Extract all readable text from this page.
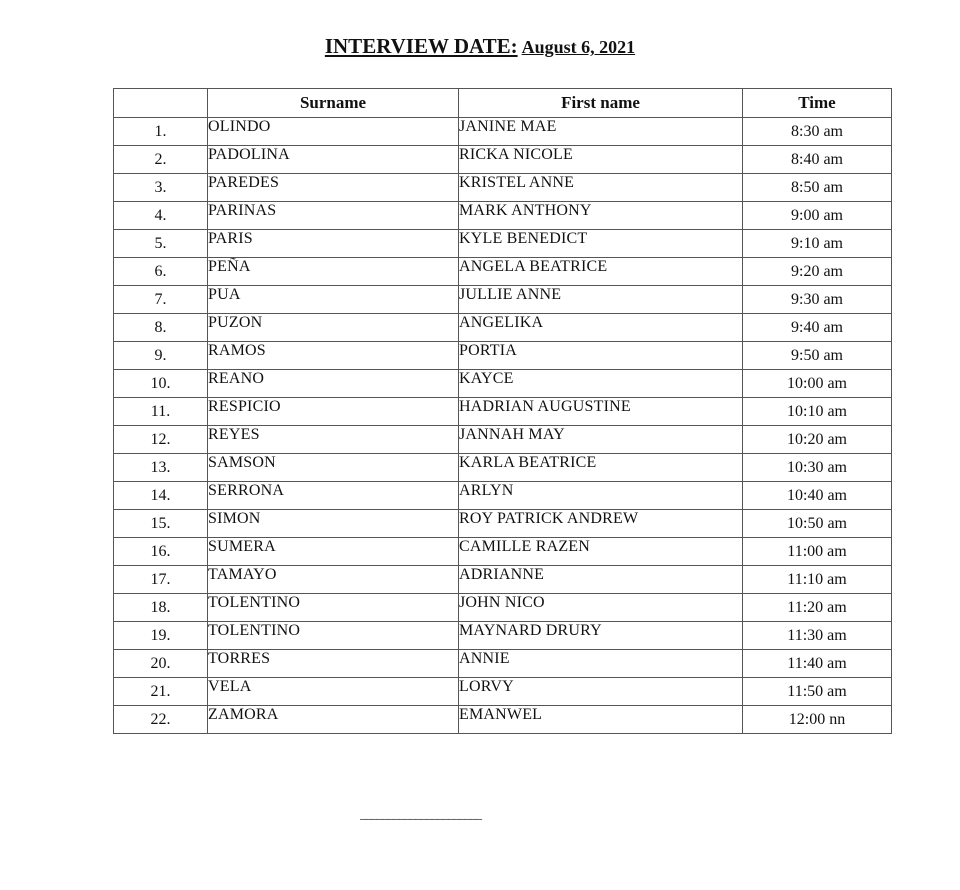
INTERVIEW DATE: August 6, 2021
	Surname	First name	Time
1.	OLINDO	JANINE MAE	8:30 am
2.	PADOLINA	RICKA NICOLE	8:40 am
3.	PAREDES	KRISTEL ANNE	8:50 am
4.	PARINAS	MARK ANTHONY	9:00 am
5.	PARIS	KYLE BENEDICT	9:10 am
6.	PEÑA	ANGELA BEATRICE	9:20 am
7.	PUA	JULLIE ANNE	9:30 am
8.	PUZON	ANGELIKA	9:40 am
9.	RAMOS	PORTIA	9:50 am
10.	REANO	KAYCE	10:00 am
11.	RESPICIO	HADRIAN AUGUSTINE	10:10 am
12.	REYES	JANNAH MAY	10:20 am
13.	SAMSON	KARLA BEATRICE	10:30 am
14.	SERRONA	ARLYN	10:40 am
15.	SIMON	ROY PATRICK ANDREW	10:50 am
16.	SUMERA	CAMILLE RAZEN	11:00 am
17.	TAMAYO	ADRIANNE	11:10 am
18.	TOLENTINO	JOHN NICO	11:20 am
19.	TOLENTINO	MAYNARD DRURY	11:30 am
20.	TORRES	ANNIE	11:40 am
21.	VELA	LORVY	11:50 am
22.	ZAMORA	EMANWEL	12:00 nn
______________________
